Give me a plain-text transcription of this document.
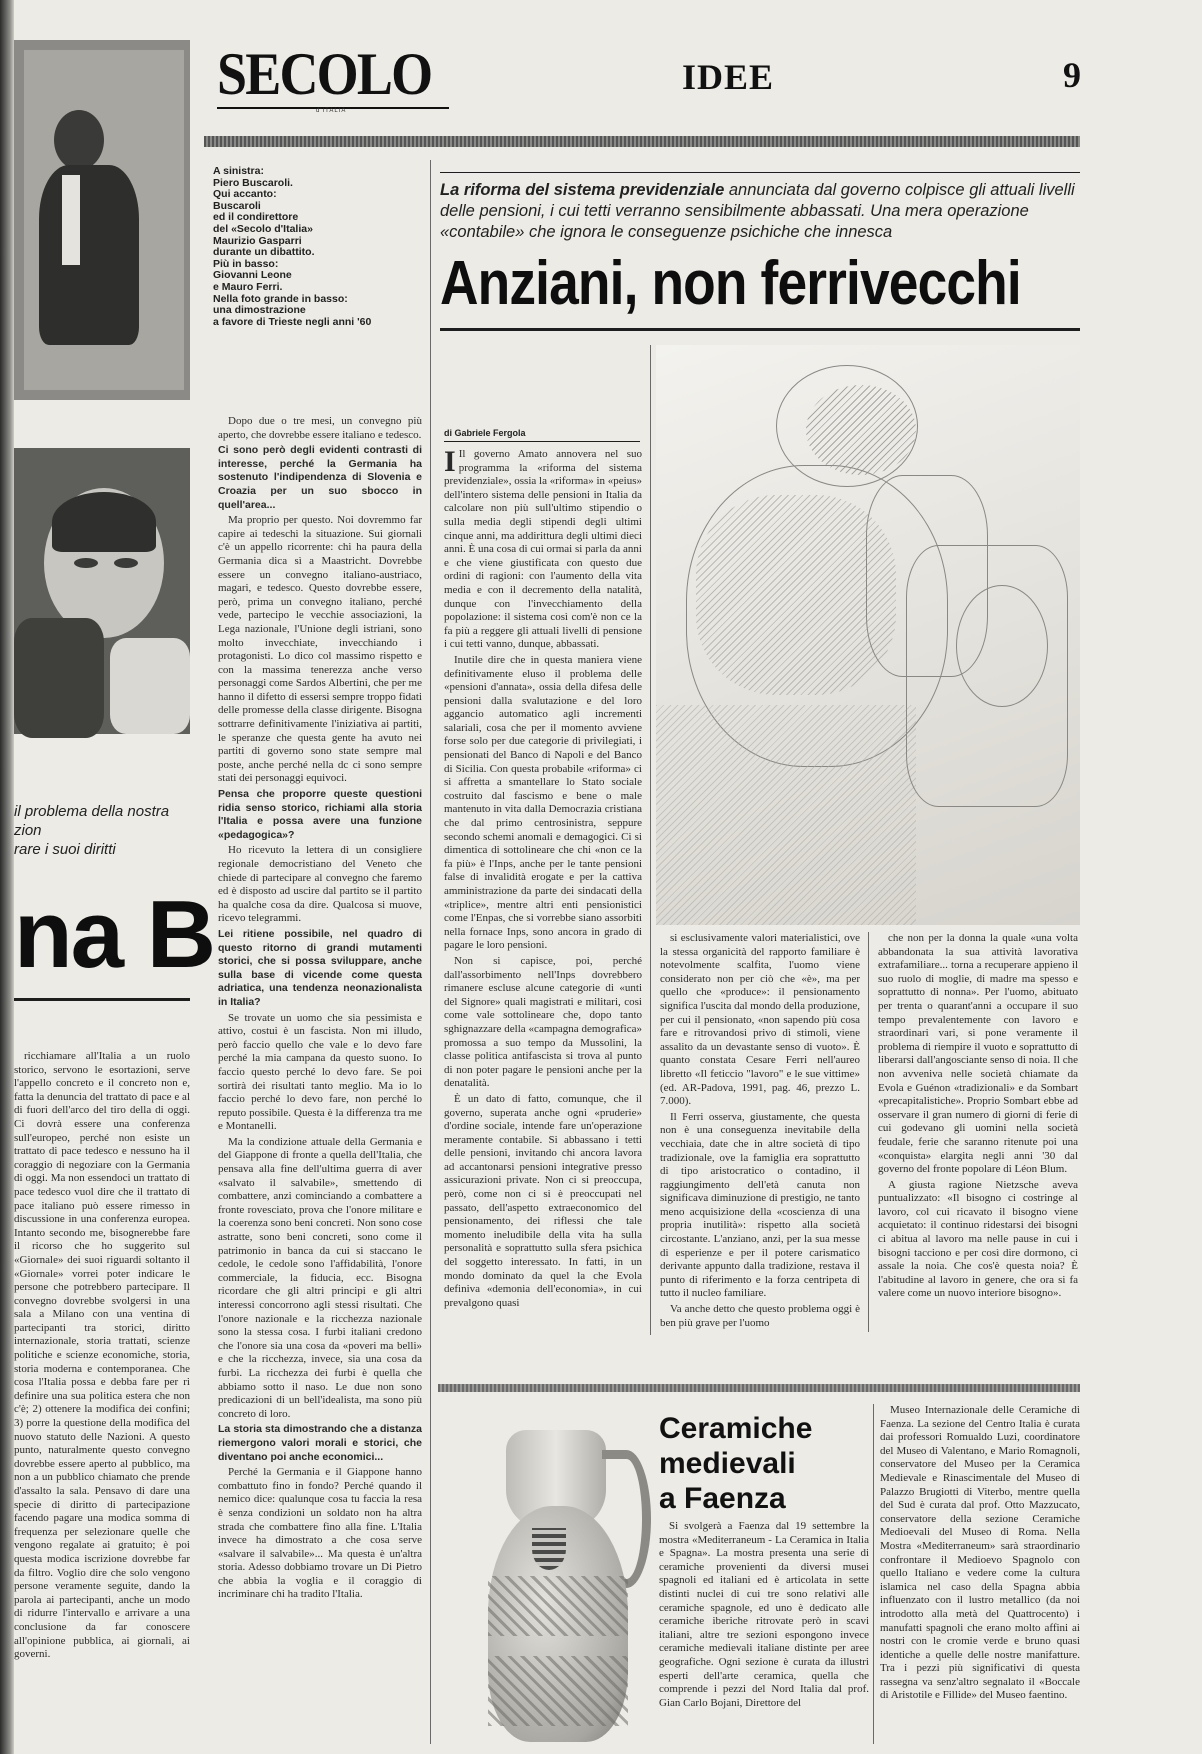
il problema della nostra
zion
rare i suoi diritti
na B

ricchiamare all'Italia a un ruolo storico, servono le esortazioni, serve l'appello concreto e il concreto non e, fatta la denuncia del trattato di pace e al di fuori dell'arco del tiro della di oggi. Ci dovrà essere una conferenza sull'europeo, perché non esiste un trattato di pace tedesco e nessuno ha il coraggio di negoziare con la Germania di oggi. Ma non essendoci un trattato di pace tedesco vuol dire che il trattato di pace italiano può essere rimesso in discussione in una conferenza europea. Intanto secondo me, bisognerebbe fare il ricorso che ho suggerito sul «Giornale» dei suoi riguardi soltanto il «Giornale» vorrei poter indicare le persone che potrebbero partecipare. Il convegno dovrebbe svolgersi in una sala a Milano con una ventina di partecipanti tra storici, diritto internazionale, storia trattati, scienze politiche e scienze economiche, storia, storia moderna e contemporanea. Che cosa l'Italia possa e debba fare per ri definire una sua politica estera che non c'è; 2) ottenere la modifica dei confini; 3) porre la questione della modifica del nuovo statuto delle Nazioni. A questo punto, naturalmente questo convegno dovrebbe essere aperto al pubblico, ma non a un pubblico chiamato che prende d'assalto la sala. Pensavo di dare una specie di diritto di partecipazione facendo pagare una modica somma di frequenza per selezionare quelle che vengono regalate ai gratuito; è poi questa modica iscrizione dovrebbe far da filtro. Voglio dire che solo vengono persone veramente seguite, dando la parola ai partecipanti, anche un modo di ridurre l'intervallo e arrivare a una conclusione da far conoscere all'opinione pubblica, ai giornali, ai governi.

SECOLO
d'ITALIA
IDEE	9
A sinistra:
Piero Buscaroli.
Qui accanto:
Buscaroli
ed il condirettore
del «Secolo d'Italia»
Maurizio Gasparri
durante un dibattito.
Più in basso:
Giovanni Leone
e Mauro Ferri.
Nella foto grande in basso:
una dimostrazione
a favore di Trieste negli anni '60

Dopo due o tre mesi, un convegno più aperto, che dovrebbe essere italiano e tedesco.

Ci sono però degli evidenti contrasti di interesse, perché la Germania ha sostenuto l'indipendenza di Slovenia e Croazia per un suo sbocco in quell'area...

Ma proprio per questo. Noi dovremmo far capire ai tedeschi la situazione. Sui giornali c'è un appello ricorrente: chi ha paura della Germania dica sì a Maastricht. Dovrebbe essere un convegno italiano-austriaco, magari, e tedesco. Questo dovrebbe essere, però, prima un convegno italiano, perché vede, partecipo le vecchie associazioni, la Lega nazionale, l'Unione degli istriani, sono molto invecchiate, invecchiando i protagonisti. Lo dico col massimo rispetto e con la massima tenerezza anche verso personaggi come Sardos Albertini, che per me hanno il difetto di essersi sempre troppo fidati delle promesse della classe dirigente. Bisogna sottrarre definitivamente l'iniziativa ai partiti, le speranze che questa gente ha avuto nei partiti di governo sono state sempre mal poste, anche perché nella dc ci sono sempre stati dei personaggi equivoci.

Pensa che proporre queste questioni ridia senso storico, richiami alla storia l'Italia e possa avere una funzione «pedagogica»?

Ho ricevuto la lettera di un consigliere regionale democristiano del Veneto che chiede di partecipare al convegno che faremo ed è disposto ad uscire dal partito se il partito ha qualche cosa da dire. Qualcosa si muove, ricevo telegrammi.

Lei ritiene possibile, nel quadro di questo ritorno di grandi mutamenti storici, che si possa sviluppare, anche sulla base di vicende come questa adriatica, una tendenza neonazionalista in Italia?

Se trovate un uomo che sia pessimista e attivo, costui è un fascista. Non mi illudo, però faccio quello che vale e lo devo fare perché la mia campana da questo suono. Io faccio questo perché lo devo fare. Se poi sortirà dei risultati tanto meglio. Ma io lo faccio perché lo devo fare, non perché lo reputo possibile. Questa è la differenza tra me e Montanelli.

Ma la condizione attuale della Germania e del Giappone di fronte a quella dell'Italia, che pensava alla fine dell'ultima guerra di aver «salvato il salvabile», smettendo di combattere, anzi cominciando a combattere a fronte rovesciato, prova che l'onore militare e la coerenza sono beni concreti. Non sono cose astratte, sono beni concreti, sono come il patrimonio in banca da cui si staccano le cedole, le cedole sono l'affidabilità, l'onore commerciale, la fiducia, ecc. Bisogna ricordare che gli altri principi e gli altri interessi concorrono agli stessi risultati. Che l'onore nazionale e la ricchezza nazionale sono la stessa cosa. I furbi italiani credono che l'onore sia una cosa da «poveri ma belli» e che la ricchezza, invece, sia una cosa da furbi. La ricchezza dei furbi è quella che abbiamo sotto il naso. Le due non sono predicazioni di un bell'idealista, ma sono più concreto di loro.

La storia sta dimostrando che a distanza riemergono valori morali e storici, che diventano poi anche economici...

Perché la Germania e il Giappone hanno combattuto fino in fondo? Perché quando il nemico dice: qualunque cosa tu faccia la resa è senza condizioni un soldato non ha altra strada che combattere fino alla fine. L'Italia invece ha dimostrato a che cosa serve «salvare il salvabile»... Ma questa è un'altra storia. Adesso dobbiamo trovare un Di Pietro che abbia la voglia e il coraggio di incriminare chi ha tradito l'Italia.

La riforma del sistema previdenziale annunciata dal governo colpisce gli attuali livelli delle pensioni, i cui tetti verranno sensibilmente abbassati. Una mera operazione «contabile» che ignora le conseguenze psichiche che innesca
Anziani, non ferrivecchi
di Gabriele Fergola

I Il governo Amato annovera nel suo programma la «riforma del sistema previdenziale», ossia la «riforma» in «peius» dell'intero sistema delle pensioni in Italia da calcolare non più sull'ultimo stipendio o sulla media degli stipendi degli ultimi cinque anni, ma addirittura degli ultimi dieci anni. È una cosa di cui ormai si parla da anni e che viene giustificata con questo due ordini di ragioni: con l'aumento della vita media e con il decremento della natalità, dunque con l'invecchiamento della popolazione: il sistema così com'è non ce la fa più a reggere gli attuali livelli di pensione i cui tetti vanno, dunque, abbassati.

Inutile dire che in questa maniera viene definitivamente eluso il problema delle «pensioni d'annata», ossia della difesa delle pensioni dalla svalutazione e del loro aggancio automatico agli incrementi salariali, cosa che per il momento avviene forse solo per due categorie di privilegiati, i pensionati del Banco di Napoli e del Banco di Sicilia. Con questa probabile «riforma» ci si affretta a smantellare lo Stato sociale costruito dal fascismo e bene o male mantenuto in vita dalla Democrazia cristiana che dal primo centrosinistra, seppure secondo schemi anomali e demagogici. Ci si dimentica di sottolineare che chi «non ce la fa più» è l'Inps, anche per le tante pensioni false di invalidità erogate e per la cattiva amministrazione da parte dei sindacati della «triplice», mentre altri enti pensionistici come l'Enpas, che si vorrebbe siano assorbiti nella fornace Inps, sono ancora in grado di pagare le loro pensioni.

Non si capisce, poi, perché dall'assorbimento nell'Inps dovrebbero rimanere escluse alcune categorie di «unti del Signore» quali magistrati e militari, cosi come vale sottolineare che, dopo tanto sghignazzare della «campagna demografica» promossa a suo tempo da Mussolini, la classe politica antifascista si trova al punto di non poter pagare le pensioni anche per la denatalità.

È un dato di fatto, comunque, che il governo, superata anche ogni «pruderie» d'ordine sociale, intende fare un'operazione meramente contabile. Si abbassano i tetti delle pensioni, invitando chi ancora lavora ad accantonarsi pensioni integrative presso assicurazioni private. Non ci si preoccupa, però, come non ci si è preoccupati nel passato, dell'aspetto extraeconomico del pensionamento, dei riflessi che tale momento ineludibile della vita ha sulla personalità e soprattutto sulla sfera psichica del soggetto interessato. In fatti, in un mondo dominato da quel la che Evola definiva «demonia dell'economia», in cui prevalgono quasi

si esclusivamente valori materialistici, ove la stessa organicità del rapporto familiare è notevolmente scalfita, l'uomo viene considerato non per ciò che «è», ma per quello che «produce»: il pensionamento significa l'uscita dal mondo della produzione, per cui il pensionato, «non sapendo più cosa fare e ritrovandosi privo di stimoli, viene assalito da un devastante senso di vuoto». È quanto constata Cesare Ferri nell'aureo libretto «Il feticcio "lavoro" e le sue vittime» (ed. AR-Padova, 1991, pag. 46, prezzo L. 7.000).

Il Ferri osserva, giustamente, che questa non è una conseguenza inevitabile della vecchiaia, date che in altre società di tipo tradizionale, ove la famiglia era soprattutto di tipo aristocratico o contadino, il raggiungimento dell'età canuta non significava diminuzione di prestigio, ne tanto meno acquisizione della «coscienza di una propria inutilità»: rispetto alla società circostante. L'anziano, anzi, per la sua messe di esperienze e per il potere carismatico derivante appunto dalla tradizione, restava il punto di riferimento e la forza centripeta di tutto il nucleo familiare.

Va anche detto che questo problema oggi è ben più grave per l'uomo

che non per la donna la quale «una volta abbandonata la sua attività lavorativa extrafamiliare... torna a recuperare appieno il suo ruolo di moglie, di madre ma spesso e soprattutto di nonna». Per l'uomo, abituato per trenta o quarant'anni a occupare il suo tempo prevalentemente con lavoro e straordinari vari, si pone veramente il problema di riempire il vuoto e soprattutto di liberarsi dall'angosciante senso di noia. Il che non avveniva nelle società chiamate da Evola e Guénon «tradizionali» e da Sombart «precapitalistiche». Proprio Sombart ebbe ad osservare il gran numero di giorni di ferie di cui godevano gli uomini nella società feudale, ferie che saranno ritenute poi una «conquista» elargita negli anni '30 dal governo del fronte popolare di Léon Blum.

A giusta ragione Nietzsche aveva puntualizzato: «Il bisogno ci costringe al lavoro, col cui ricavato il bisogno viene acquietato: il continuo ridestarsi dei bisogni ci abitua al lavoro ma nelle pause in cui i bisogni tacciono e per così dire dormono, ci assale la noia. Che cos'è questa noia? È l'abitudine al lavoro in genere, che ora si fa valere come un nuovo interiore bisogno».

Ceramiche
medievali
a Faenza

Si svolgerà a Faenza dal 19 settembre la mostra «Mediterraneum - La Ceramica in Italia e Spagna». La mostra presenta una serie di ceramiche provenienti da diversi musei spagnoli ed italiani ed è articolata in sette distinti nuclei di cui tre sono relativi alle ceramiche spagnole, ed uno è dedicato alle ceramiche iberiche ritrovate però in scavi italiani, altre tre sezioni espongono invece ceramiche medievali italiane distinte per aree geografiche. Ogni sezione è curata da illustri esperti dell'arte ceramica, quella che comprende i pezzi del Nord Italia dal prof. Gian Carlo Bojani, Direttore del

Museo Internazionale delle Ceramiche di Faenza. La sezione del Centro Italia è curata dai professori Romualdo Luzi, coordinatore del Museo di Valentano, e Mario Romagnoli, conservatore del Museo per la Ceramica Medievale e Rinascimentale del Museo di Palazzo Brugiotti di Viterbo, mentre quella del Sud è curata dal prof. Otto Mazzucato, conservatore della sezione Ceramiche Medioevali del Museo di Roma. Nella Mostra «Mediterraneum» sarà straordinario confrontare il Medioevo Spagnolo con quello Italiano e vedere come la cultura islamica nel caso della Spagna abbia influenzato con il lustro metallico (da noi introdotto alla metà del Quattrocento) i manufatti spagnoli che erano molto affini ai nostri con le cromie verde e bruno quasi identiche a quelle delle nostre manifatture. Tra i pezzi più significativi di questa rassegna va senz'altro segnalato il «Boccale di Aristotile e Fillide» del Museo faentino.
